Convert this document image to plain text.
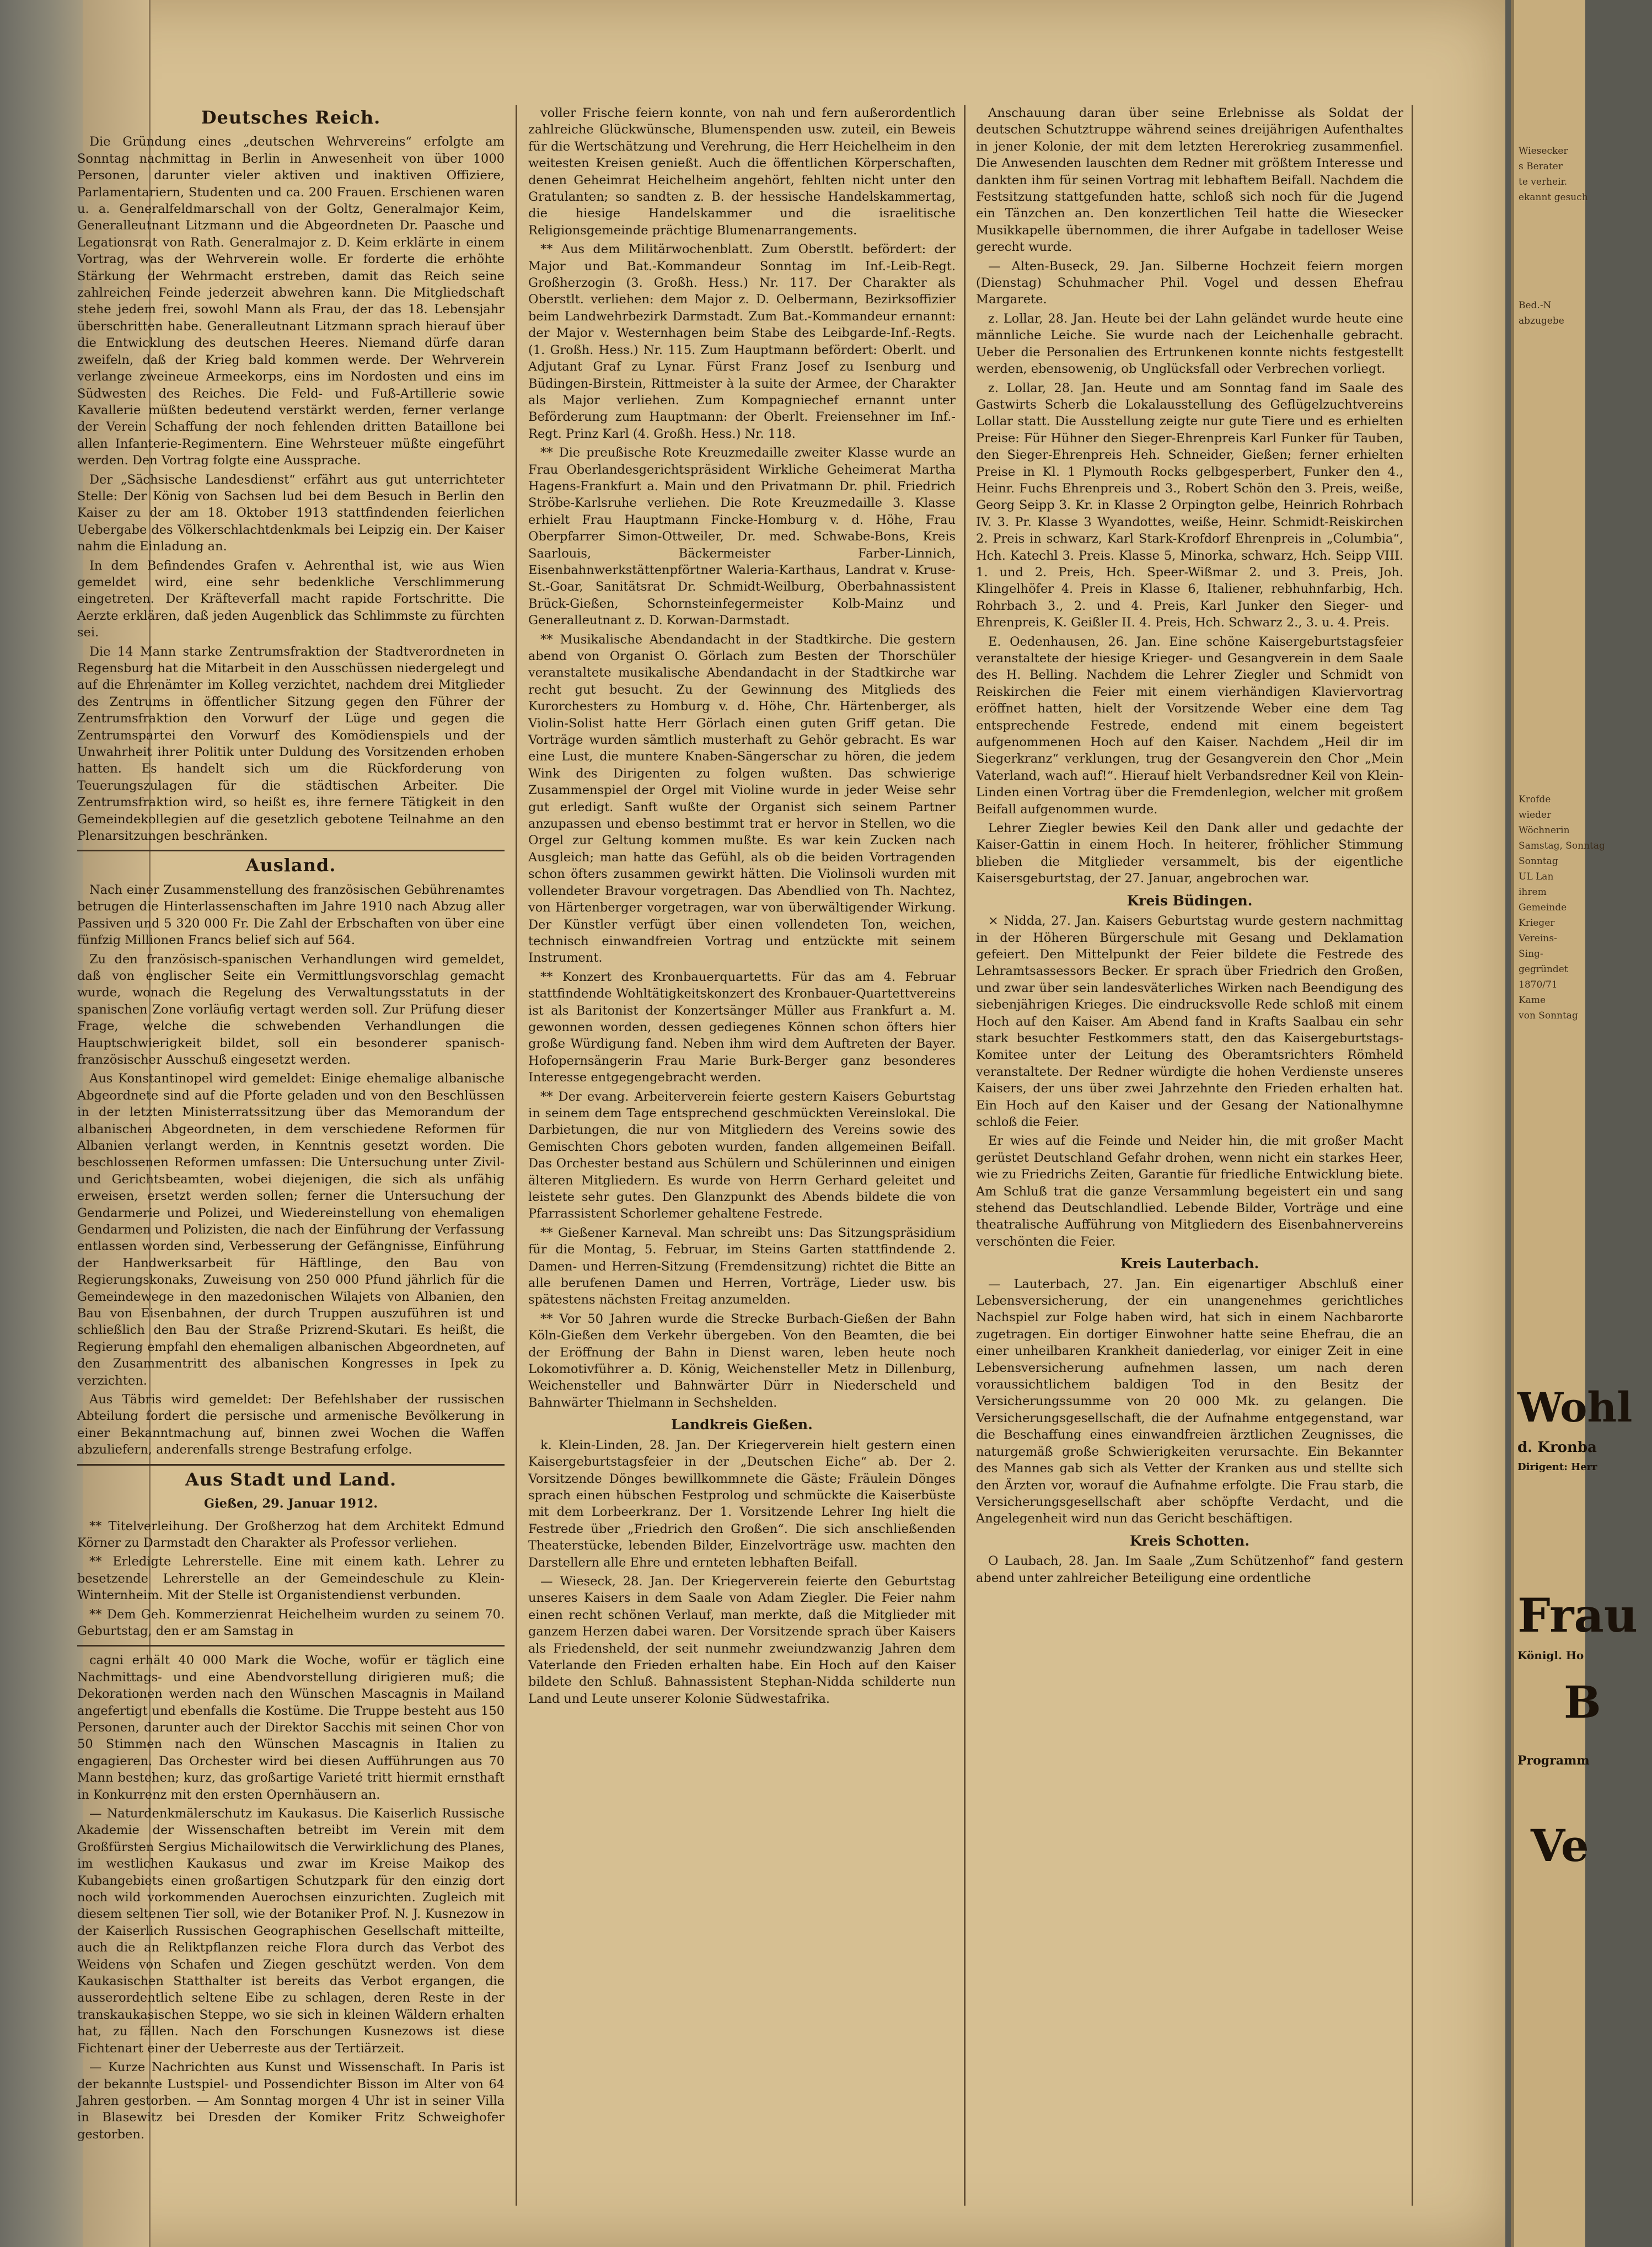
Deutsches Reich.

Die Gründung eines „deutschen Wehrvereins“ erfolgte am Sonntag nachmittag in Berlin in Anwesenheit von über 1000 Personen, darunter vieler aktiven und inaktiven Offiziere, Parlamentariern, Studenten und ca. 200 Frauen. Erschienen waren u. a. Generalfeldmarschall von der Goltz, Generalmajor Keim, Generalleutnant Litzmann und die Abgeordneten Dr. Paasche und Legationsrat von Rath. Generalmajor z. D. Keim erklärte in einem Vortrag, was der Wehrverein wolle. Er forderte die erhöhte Stärkung der Wehrmacht erstreben, damit das Reich seine zahlreichen Feinde jederzeit abwehren kann. Die Mitgliedschaft stehe jedem frei, sowohl Mann als Frau, der das 18. Lebensjahr überschritten habe. Generalleutnant Litzmann sprach hierauf über die Entwicklung des deutschen Heeres. Niemand dürfe daran zweifeln, daß der Krieg bald kommen werde. Der Wehrverein verlange zweineue Armeekorps, eins im Nordosten und eins im Südwesten des Reiches. Die Feld- und Fuß-Artillerie sowie Kavallerie müßten bedeutend verstärkt werden, ferner verlange der Verein Schaffung der noch fehlenden dritten Bataillone bei allen Infanterie-Regimentern. Eine Wehrsteuer müßte eingeführt werden. Den Vortrag folgte eine Aussprache.

Der „Sächsische Landesdienst“ erfährt aus gut unterrichteter Stelle: Der König von Sachsen lud bei dem Besuch in Berlin den Kaiser zu der am 18. Oktober 1913 stattfindenden feierlichen Uebergabe des Völkerschlachtdenkmals bei Leipzig ein. Der Kaiser nahm die Einladung an.

In dem Befindendes Grafen v. Aehrenthal ist, wie aus Wien gemeldet wird, eine sehr bedenkliche Verschlimmerung eingetreten. Der Kräfteverfall macht rapide Fortschritte. Die Aerzte erklären, daß jeden Augenblick das Schlimmste zu fürchten sei.

Die 14 Mann starke Zentrumsfraktion der Stadtverordneten in Regensburg hat die Mitarbeit in den Ausschüssen niedergelegt und auf die Ehrenämter im Kolleg verzichtet, nachdem drei Mitglieder des Zentrums in öffentlicher Sitzung gegen den Führer der Zentrumsfraktion den Vorwurf der Lüge und gegen die Zentrumspartei den Vorwurf des Komödienspiels und der Unwahrheit ihrer Politik unter Duldung des Vorsitzenden erhoben hatten. Es handelt sich um die Rückforderung von Teuerungszulagen für die städtischen Arbeiter. Die Zentrumsfraktion wird, so heißt es, ihre fernere Tätigkeit in den Gemeindekollegien auf die gesetzlich gebotene Teilnahme an den Plenarsitzungen beschränken.

Ausland.

Nach einer Zusammenstellung des französischen Gebührenamtes betrugen die Hinterlassenschaften im Jahre 1910 nach Abzug aller Passiven und 5 320 000 Fr. Die Zahl der Erbschaften von über eine fünfzig Millionen Francs belief sich auf 564.

Zu den französisch-spanischen Verhandlungen wird gemeldet, daß von englischer Seite ein Vermittlungsvorschlag gemacht wurde, wonach die Regelung des Verwaltungsstatuts in der spanischen Zone vorläufig vertagt werden soll. Zur Prüfung dieser Frage, welche die schwebenden Verhandlungen die Hauptschwierigkeit bildet, soll ein besonderer spanisch-französischer Ausschuß eingesetzt werden.

Aus Konstantinopel wird gemeldet: Einige ehemalige albanische Abgeordnete sind auf die Pforte geladen und von den Beschlüssen in der letzten Ministerratssitzung über das Memorandum der albanischen Abgeordneten, in dem verschiedene Reformen für Albanien verlangt werden, in Kenntnis gesetzt worden. Die beschlossenen Reformen umfassen: Die Untersuchung unter Zivil- und Gerichtsbeamten, wobei diejenigen, die sich als unfähig erweisen, ersetzt werden sollen; ferner die Untersuchung der Gendarmerie und Polizei, und Wiedereinstellung von ehemaligen Gendarmen und Polizisten, die nach der Einführung der Verfassung entlassen worden sind, Verbesserung der Gefängnisse, Einführung der Handwerksarbeit für Häftlinge, den Bau von Regierungskonaks, Zuweisung von 250 000 Pfund jährlich für die Gemeindewege in den mazedonischen Wilajets von Albanien, den Bau von Eisenbahnen, der durch Truppen auszuführen ist und schließlich den Bau der Straße Prizrend-Skutari. Es heißt, die Regierung empfahl den ehemaligen albanischen Abgeordneten, auf den Zusammentritt des albanischen Kongresses in Ipek zu verzichten.

Aus Täbris wird gemeldet: Der Befehlshaber der russischen Abteilung fordert die persische und armenische Bevölkerung in einer Bekanntmachung auf, binnen zwei Wochen die Waffen abzuliefern, anderenfalls strenge Bestrafung erfolge.

Aus Stadt und Land.

Gießen, 29. Januar 1912.

** Titelverleihung. Der Großherzog hat dem Architekt Edmund Körner zu Darmstadt den Charakter als Professor verliehen.

** Erledigte Lehrerstelle. Eine mit einem kath. Lehrer zu besetzende Lehrerstelle an der Gemeindeschule zu Klein-Winternheim. Mit der Stelle ist Organistendienst verbunden.

** Dem Geh. Kommerzienrat Heichelheim wurden zu seinem 70. Geburtstag, den er am Samstag in

cagni erhält 40 000 Mark die Woche, wofür er täglich eine Nachmittags- und eine Abendvorstellung dirigieren muß; die Dekorationen werden nach den Wünschen Mascagnis in Mailand angefertigt und ebenfalls die Kostüme. Die Truppe besteht aus 150 Personen, darunter auch der Direktor Sacchis mit seinen Chor von 50 Stimmen nach den Wünschen Mascagnis in Italien zu engagieren. Das Orchester wird bei diesen Aufführungen aus 70 Mann bestehen; kurz, das großartige Varieté tritt hiermit ernsthaft in Konkurrenz mit den ersten Opernhäusern an.

— Naturdenkmälerschutz im Kaukasus. Die Kaiserlich Russische Akademie der Wissenschaften betreibt im Verein mit dem Großfürsten Sergius Michailowitsch die Verwirklichung des Planes, im westlichen Kaukasus und zwar im Kreise Maikop des Kubangebiets einen großartigen Schutzpark für den einzig dort noch wild vorkommenden Auerochsen einzurichten. Zugleich mit diesem seltenen Tier soll, wie der Botaniker Prof. N. J. Kusnezow in der Kaiserlich Russischen Geographischen Gesellschaft mitteilte, auch die an Reliktpflanzen reiche Flora durch das Verbot des Weidens von Schafen und Ziegen geschützt werden. Von dem Kaukasischen Statthalter ist bereits das Verbot ergangen, die ausserordentlich seltene Eibe zu schlagen, deren Reste in der transkaukasischen Steppe, wo sie sich in kleinen Wäldern erhalten hat, zu fällen. Nach den Forschungen Kusnezows ist diese Fichtenart einer der Ueberreste aus der Tertiärzeit.

— Kurze Nachrichten aus Kunst und Wissenschaft. In Paris ist der bekannte Lustspiel- und Possendichter Bisson im Alter von 64 Jahren gestorben. — Am Sonntag morgen 4 Uhr ist in seiner Villa in Blasewitz bei Dresden der Komiker Fritz Schweighofer gestorben.

voller Frische feiern konnte, von nah und fern außerordentlich zahlreiche Glückwünsche, Blumenspenden usw. zuteil, ein Beweis für die Wertschätzung und Verehrung, die Herr Heichelheim in den weitesten Kreisen genießt. Auch die öffentlichen Körperschaften, denen Geheimrat Heichelheim angehört, fehlten nicht unter den Gratulanten; so sandten z. B. der hessische Handelskammertag, die hiesige Handelskammer und die israelitische Religionsgemeinde prächtige Blumenarrangements.

** Aus dem Militärwochenblatt. Zum Oberstlt. befördert: der Major und Bat.-Kommandeur Sonntag im Inf.-Leib-Regt. Großherzogin (3. Großh. Hess.) Nr. 117. Der Charakter als Oberstlt. verliehen: dem Major z. D. Oelbermann, Bezirksoffizier beim Landwehrbezirk Darmstadt. Zum Bat.-Kommandeur ernannt: der Major v. Westernhagen beim Stabe des Leibgarde-Inf.-Regts. (1. Großh. Hess.) Nr. 115. Zum Hauptmann befördert: Oberlt. und Adjutant Graf zu Lynar. Fürst Franz Josef zu Isenburg und Büdingen-Birstein, Rittmeister à la suite der Armee, der Charakter als Major verliehen. Zum Kompagniechef ernannt unter Beförderung zum Hauptmann: der Oberlt. Freiensehner im Inf.-Regt. Prinz Karl (4. Großh. Hess.) Nr. 118.

** Die preußische Rote Kreuzmedaille zweiter Klasse wurde an Frau Oberlandesgerichtspräsident Wirkliche Geheimerat Martha Hagens-Frankfurt a. Main und den Privatmann Dr. phil. Friedrich Ströbe-Karlsruhe verliehen. Die Rote Kreuzmedaille 3. Klasse erhielt Frau Hauptmann Fincke-Homburg v. d. Höhe, Frau Oberpfarrer Simon-Ottweiler, Dr. med. Schwabe-Bons, Kreis Saarlouis, Bäckermeister Farber-Linnich, Eisenbahnwerkstättenpförtner Waleria-Karthaus, Landrat v. Kruse-St.-Goar, Sanitätsrat Dr. Schmidt-Weilburg, Oberbahnassistent Brück-Gießen, Schornsteinfegermeister Kolb-Mainz und Generalleutnant z. D. Korwan-Darmstadt.

** Musikalische Abendandacht in der Stadtkirche. Die gestern abend von Organist O. Görlach zum Besten der Thorschüler veranstaltete musikalische Abendandacht in der Stadtkirche war recht gut besucht. Zu der Gewinnung des Mitglieds des Kurorchesters zu Homburg v. d. Höhe, Chr. Härtenberger, als Violin-Solist hatte Herr Görlach einen guten Griff getan. Die Vorträge wurden sämtlich musterhaft zu Gehör gebracht. Es war eine Lust, die muntere Knaben-Sängerschar zu hören, die jedem Wink des Dirigenten zu folgen wußten. Das schwierige Zusammenspiel der Orgel mit Violine wurde in jeder Weise sehr gut erledigt. Sanft wußte der Organist sich seinem Partner anzupassen und ebenso bestimmt trat er hervor in Stellen, wo die Orgel zur Geltung kommen mußte. Es war kein Zucken nach Ausgleich; man hatte das Gefühl, als ob die beiden Vortragenden schon öfters zusammen gewirkt hätten. Die Violinsoli wurden mit vollendeter Bravour vorgetragen. Das Abendlied von Th. Nachtez, von Härtenberger vorgetragen, war von überwältigender Wirkung. Der Künstler verfügt über einen vollendeten Ton, weichen, technisch einwandfreien Vortrag und entzückte mit seinem Instrument.

** Konzert des Kronbauerquartetts. Für das am 4. Februar stattfindende Wohltätigkeitskonzert des Kronbauer-Quartettvereins ist als Baritonist der Konzertsänger Müller aus Frankfurt a. M. gewonnen worden, dessen gediegenes Können schon öfters hier große Würdigung fand. Neben ihm wird dem Auftreten der Bayer. Hofopernsängerin Frau Marie Burk-Berger ganz besonderes Interesse entgegengebracht werden.

** Der evang. Arbeiterverein feierte gestern Kaisers Geburtstag in seinem dem Tage entsprechend geschmückten Vereinslokal. Die Darbietungen, die nur von Mitgliedern des Vereins sowie des Gemischten Chors geboten wurden, fanden allgemeinen Beifall. Das Orchester bestand aus Schülern und Schülerinnen und einigen älteren Mitgliedern. Es wurde von Herrn Gerhard geleitet und leistete sehr gutes. Den Glanzpunkt des Abends bildete die von Pfarrassistent Schorlemer gehaltene Festrede.

** Gießener Karneval. Man schreibt uns: Das Sitzungspräsidium für die Montag, 5. Februar, im Steins Garten stattfindende 2. Damen- und Herren-Sitzung (Fremdensitzung) richtet die Bitte an alle berufenen Damen und Herren, Vorträge, Lieder usw. bis spätestens nächsten Freitag anzumelden.

** Vor 50 Jahren wurde die Strecke Burbach-Gießen der Bahn Köln-Gießen dem Verkehr übergeben. Von den Beamten, die bei der Eröffnung der Bahn in Dienst waren, leben heute noch Lokomotivführer a. D. König, Weichensteller Metz in Dillenburg, Weichensteller und Bahnwärter Dürr in Niederscheld und Bahnwärter Thielmann in Sechshelden.

Landkreis Gießen.

k. Klein-Linden, 28. Jan. Der Kriegerverein hielt gestern einen Kaisergeburtstagsfeier in der „Deutschen Eiche“ ab. Der 2. Vorsitzende Dönges bewillkommnete die Gäste; Fräulein Dönges sprach einen hübschen Festprolog und schmückte die Kaiserbüste mit dem Lorbeerkranz. Der 1. Vorsitzende Lehrer Ing hielt die Festrede über „Friedrich den Großen“. Die sich anschließenden Theaterstücke, lebenden Bilder, Einzelvorträge usw. machten den Darstellern alle Ehre und ernteten lebhaften Beifall.

— Wieseck, 28. Jan. Der Kriegerverein feierte den Geburtstag unseres Kaisers in dem Saale von Adam Ziegler. Die Feier nahm einen recht schönen Verlauf, man merkte, daß die Mitglieder mit ganzem Herzen dabei waren. Der Vorsitzende sprach über Kaisers als Friedensheld, der seit nunmehr zweiundzwanzig Jahren dem Vaterlande den Frieden erhalten habe. Ein Hoch auf den Kaiser bildete den Schluß. Bahnassistent Stephan-Nidda schilderte nun Land und Leute unserer Kolonie Südwestafrika.

Anschauung daran über seine Erlebnisse als Soldat der deutschen Schutztruppe während seines dreijährigen Aufenthaltes in jener Kolonie, der mit dem letzten Hererokrieg zusammenfiel. Die Anwesenden lauschten dem Redner mit größtem Interesse und dankten ihm für seinen Vortrag mit lebhaftem Beifall. Nachdem die Festsitzung stattgefunden hatte, schloß sich noch für die Jugend ein Tänzchen an. Den konzertlichen Teil hatte die Wiesecker Musikkapelle übernommen, die ihrer Aufgabe in tadelloser Weise gerecht wurde.

— Alten-Buseck, 29. Jan. Silberne Hochzeit feiern morgen (Dienstag) Schuhmacher Phil. Vogel und dessen Ehefrau Margarete.

z. Lollar, 28. Jan. Heute bei der Lahn geländet wurde heute eine männliche Leiche. Sie wurde nach der Leichenhalle gebracht. Ueber die Personalien des Ertrunkenen konnte nichts festgestellt werden, ebensowenig, ob Unglücksfall oder Verbrechen vorliegt.

z. Lollar, 28. Jan. Heute und am Sonntag fand im Saale des Gastwirts Scherb die Lokalausstellung des Geflügelzuchtvereins Lollar statt. Die Ausstellung zeigte nur gute Tiere und es erhielten Preise: Für Hühner den Sieger-Ehrenpreis Karl Funker für Tauben, den Sieger-Ehrenpreis Heh. Schneider, Gießen; ferner erhielten Preise in Kl. 1 Plymouth Rocks gelbgesperbert, Funker den 4., Heinr. Fuchs Ehrenpreis und 3., Robert Schön den 3. Preis, weiße, Georg Seipp 3. Kr. in Klasse 2 Orpington gelbe, Heinrich Rohrbach IV. 3. Pr. Klasse 3 Wyandottes, weiße, Heinr. Schmidt-Reiskirchen 2. Preis in schwarz, Karl Stark-Krofdorf Ehrenpreis in „Columbia“, Hch. Katechl 3. Preis. Klasse 5, Minorka, schwarz, Hch. Seipp VIII. 1. und 2. Preis, Hch. Speer-Wißmar 2. und 3. Preis, Joh. Klingelhöfer 4. Preis in Klasse 6, Italiener, rebhuhnfarbig, Hch. Rohrbach 3., 2. und 4. Preis, Karl Junker den Sieger- und Ehrenpreis, K. Geißler II. 4. Preis, Hch. Schwarz 2., 3. u. 4. Preis.

E. Oedenhausen, 26. Jan. Eine schöne Kaisergeburtstagsfeier veranstaltete der hiesige Krieger- und Gesangverein in dem Saale des H. Belling. Nachdem die Lehrer Ziegler und Schmidt von Reiskirchen die Feier mit einem vierhändigen Klaviervortrag eröffnet hatten, hielt der Vorsitzende Weber eine dem Tag entsprechende Festrede, endend mit einem begeistert aufgenommenen Hoch auf den Kaiser. Nachdem „Heil dir im Siegerkranz“ verklungen, trug der Gesangverein den Chor „Mein Vaterland, wach auf!“. Hierauf hielt Verbandsredner Keil von Klein-Linden einen Vortrag über die Fremdenlegion, welcher mit großem Beifall aufgenommen wurde.

Lehrer Ziegler bewies Keil den Dank aller und gedachte der Kaiser-Gattin in einem Hoch. In heiterer, fröhlicher Stimmung blieben die Mitglieder versammelt, bis der eigentliche Kaisersgeburtstag, der 27. Januar, angebrochen war.

Kreis Büdingen.

× Nidda, 27. Jan. Kaisers Geburtstag wurde gestern nachmittag in der Höheren Bürgerschule mit Gesang und Deklamation gefeiert. Den Mittelpunkt der Feier bildete die Festrede des Lehramtsassessors Becker. Er sprach über Friedrich den Großen, und zwar über sein landesväterliches Wirken nach Beendigung des siebenjährigen Krieges. Die eindrucksvolle Rede schloß mit einem Hoch auf den Kaiser. Am Abend fand in Krafts Saalbau ein sehr stark besuchter Festkommers statt, den das Kaisergeburtstags-Komitee unter der Leitung des Oberamtsrichters Römheld veranstaltete. Der Redner würdigte die hohen Verdienste unseres Kaisers, der uns über zwei Jahrzehnte den Frieden erhalten hat. Ein Hoch auf den Kaiser und der Gesang der Nationalhymne schloß die Feier.

Er wies auf die Feinde und Neider hin, die mit großer Macht gerüstet Deutschland Gefahr drohen, wenn nicht ein starkes Heer, wie zu Friedrichs Zeiten, Garantie für friedliche Entwicklung biete. Am Schluß trat die ganze Versammlung begeistert ein und sang stehend das Deutschlandlied. Lebende Bilder, Vorträge und eine theatralische Aufführung von Mitgliedern des Eisenbahnervereins verschönten die Feier.

Kreis Lauterbach.

— Lauterbach, 27. Jan. Ein eigenartiger Abschluß einer Lebensversicherung, der ein unangenehmes gerichtliches Nachspiel zur Folge haben wird, hat sich in einem Nachbarorte zugetragen. Ein dortiger Einwohner hatte seine Ehefrau, die an einer unheilbaren Krankheit daniederlag, vor einiger Zeit in eine Lebensversicherung aufnehmen lassen, um nach deren voraussichtlichem baldigen Tod in den Besitz der Versicherungssumme von 20 000 Mk. zu gelangen. Die Versicherungsgesellschaft, die der Aufnahme entgegenstand, war die Beschaffung eines einwandfreien ärztlichen Zeugnisses, die naturgemäß große Schwierigkeiten verursachte. Ein Bekannter des Mannes gab sich als Vetter der Kranken aus und stellte sich den Ärzten vor, worauf die Aufnahme erfolgte. Die Frau starb, die Versicherungsgesellschaft aber schöpfte Verdacht, und die Angelegenheit wird nun das Gericht beschäftigen.

Kreis Schotten.

O Laubach, 28. Jan. Im Saale „Zum Schützenhof“ fand gestern abend unter zahlreicher Beteiligung eine ordentliche

Wiesecker
s Berater
te verheir.
ekannt gesuch

Bed.-N
abzugebe

Krofde
wieder
Wöchnerin
Samstag, Sonntag
Sonntag
UL Lan
ihrem
Gemeinde
Krieger
Vereins-
Sing-
gegründet
1870/71
Kame
von Sonntag
Wohl
d. Kronba
Dirigent: Herr
Frau
Königl. Ho
B
Programm
Ve
